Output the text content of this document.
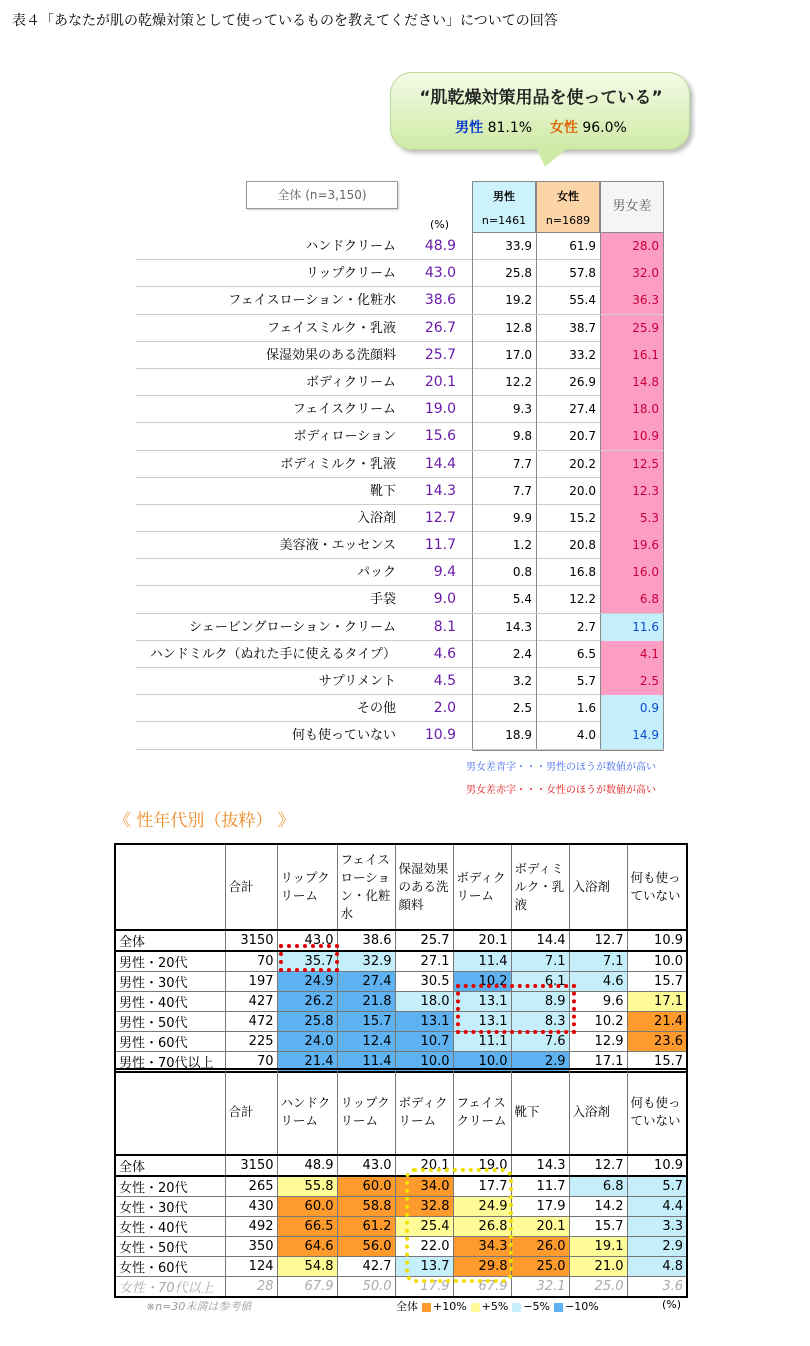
表４「あなたが肌の乾燥対策として使っているものを教えてください」についての回答
“肌乾燥対策用品を使っている”
男性 81.1% 女性 96.0%
全体 (n=3,150)
(%)
男性
n=1461
女性
n=1689
男女差
ハンドクリーム	48.9	33.9	61.9	28.0
リップクリーム	43.0	25.8	57.8	32.0
フェイスローション・化粧水	38.6	19.2	55.4	36.3
フェイスミルク・乳液	26.7	12.8	38.7	25.9
保湿効果のある洗顔料	25.7	17.0	33.2	16.1
ボディクリーム	20.1	12.2	26.9	14.8
フェイスクリーム	19.0	9.3	27.4	18.0
ボディローション	15.6	9.8	20.7	10.9
ボディミルク・乳液	14.4	7.7	20.2	12.5
靴下	14.3	7.7	20.0	12.3
入浴剤	12.7	9.9	15.2	5.3
美容液・エッセンス	11.7	1.2	20.8	19.6
パック	9.4	0.8	16.8	16.0
手袋	9.0	5.4	12.2	6.8
シェービングローション・クリーム	8.1	14.3	2.7	11.6
ハンドミルク（ぬれた手に使えるタイプ）	4.6	2.4	6.5	4.1
サプリメント	4.5	3.2	5.7	2.5
その他	2.0	2.5	1.6	0.9
何も使っていない	10.9	18.9	4.0	14.9
男女差青字・・・男性のほうが数値が高い
男女差赤字・・・女性のほうが数値が高い
《 性年代別（抜粋） 》
	合計	リップクリーム	フェイスローション・化粧水	保湿効果のある洗顔料	ボディクリーム	ボディミルク・乳液	入浴剤	何も使っていない
全体	3150	43.0	38.6	25.7	20.1	14.4	12.7	10.9
男性・20代	70	35.7	32.9	27.1	11.4	7.1	7.1	10.0
男性・30代	197	24.9	27.4	30.5	10.2	6.1	4.6	15.7
男性・40代	427	26.2	21.8	18.0	13.1	8.9	9.6	17.1
男性・50代	472	25.8	15.7	13.1	13.1	8.3	10.2	21.4
男性・60代	225	24.0	12.4	10.7	11.1	7.6	12.9	23.6
男性・70代以上	70	21.4	11.4	10.0	10.0	2.9	17.1	15.7
	合計	ハンドクリーム	リップクリーム	ボディクリーム	フェイスクリーム	靴下	入浴剤	何も使っていない
全体	3150	48.9	43.0	20.1	19.0	14.3	12.7	10.9
女性・20代	265	55.8	60.0	34.0	17.7	11.7	6.8	5.7
女性・30代	430	60.0	58.8	32.8	24.9	17.9	14.2	4.4
女性・40代	492	66.5	61.2	25.4	26.8	20.1	15.7	3.3
女性・50代	350	64.6	56.0	22.0	34.3	26.0	19.1	2.9
女性・60代	124	54.8	42.7	13.7	29.8	25.0	21.0	4.8
女性・70代以上	28	67.9	50.0	17.9	67.9	32.1	25.0	3.6
※n=30未満は参考値	全体 +10% +5% −5% −10%	(%)
